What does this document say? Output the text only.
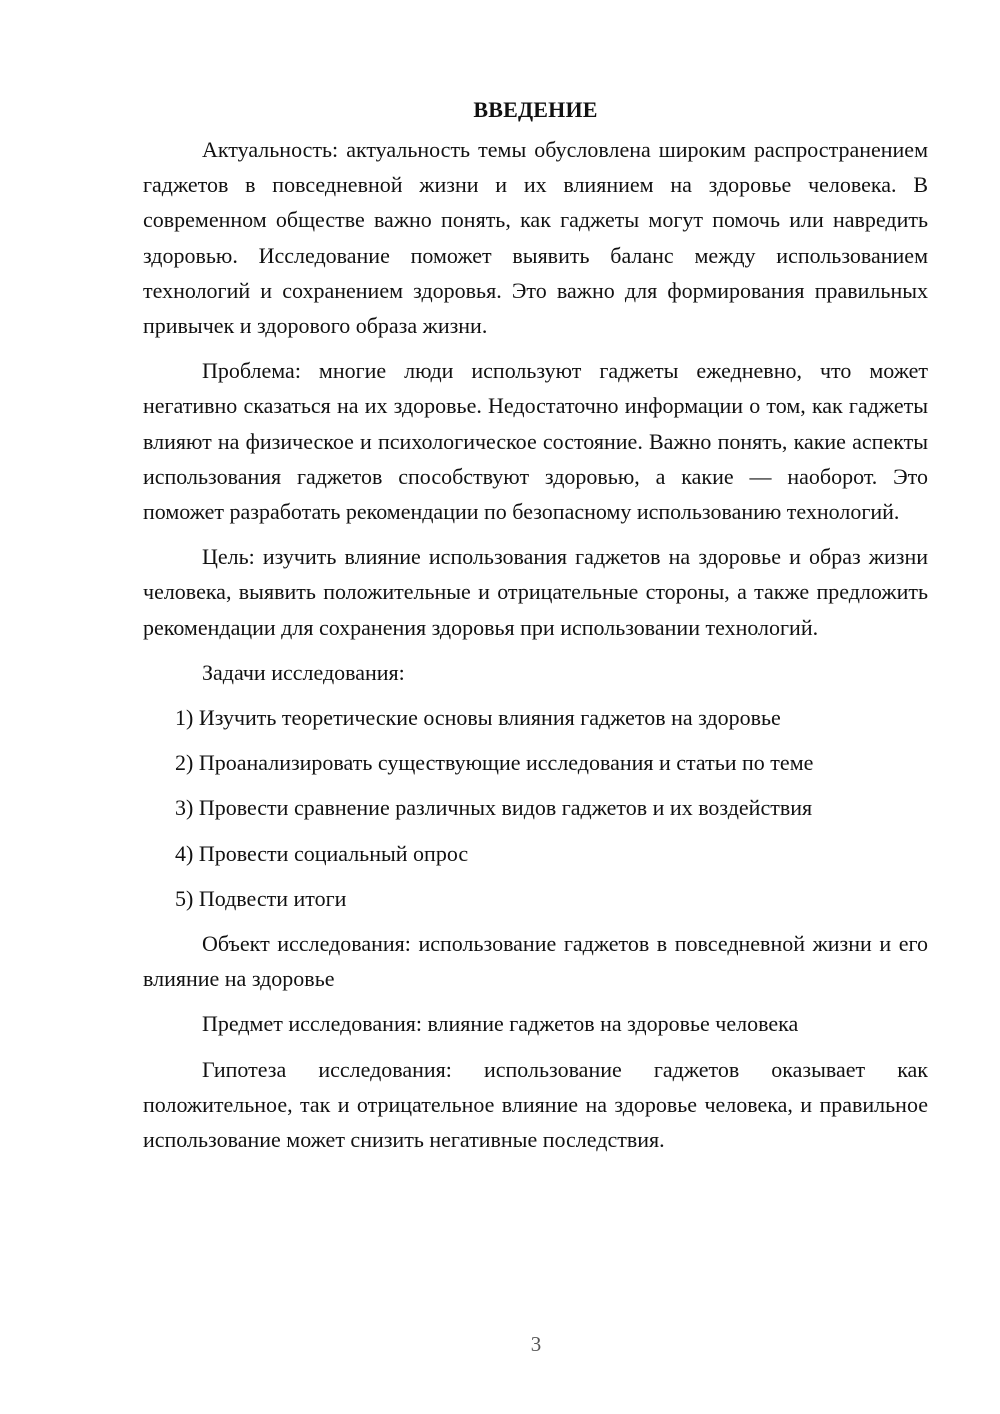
ВВЕДЕНИЕ

Актуальность: актуальность темы обусловлена широким распространением гаджетов в повседневной жизни и их влиянием на здоровье человека. В современном обществе важно понять, как гаджеты могут помочь или навредить здоровью. Исследование поможет выявить баланс между использованием технологий и сохранением здоровья. Это важно для формирования правильных привычек и здорового образа жизни.

Проблема: многие люди используют гаджеты ежедневно, что может негативно сказаться на их здоровье. Недостаточно информации о том, как гаджеты влияют на физическое и психологическое состояние. Важно понять, какие аспекты использования гаджетов способствуют здоровью, а какие — наоборот. Это поможет разработать рекомендации по безопасному использованию технологий.

Цель: изучить влияние использования гаджетов на здоровье и образ жизни человека, выявить положительные и отрицательные стороны, а также предложить рекомендации для сохранения здоровья при использовании технологий.

Задачи исследования:

1) Изучить теоретические основы влияния гаджетов на здоровье
2) Проанализировать существующие исследования и статьи по теме
3) Провести сравнение различных видов гаджетов и их воздействия
4) Провести социальный опрос
5) Подвести итоги

Объект исследования: использование гаджетов в повседневной жизни и его влияние на здоровье

Предмет исследования: влияние гаджетов на здоровье человека

Гипотеза исследования: использование гаджетов оказывает как положительное, так и отрицательное влияние на здоровье человека, и правильное использование может снизить негативные последствия.

3
